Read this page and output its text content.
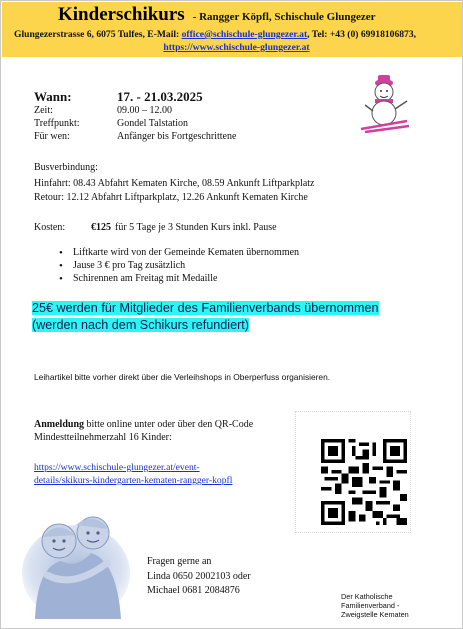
Kinderschikurs - Rangger Köpfl, Schischule Glungezer
Glungezerstrasse 6, 6075 Tulfes, E-Mail: office@schischule-glungezer.at, Tel: +43 (0) 69918106873,
https://www.schischule-glungezer.at
Wann:	17. - 21.03.2025
Zeit:	09.00 – 12.00
Treffpunkt:	Gondel Talstation
Für wen:	Anfänger bis Fortgeschrittene
Busverbindung:
Hinfahrt: 08.43 Abfahrt Kematen Kirche, 08.59 Ankunft Liftparkplatz
Retour: 12.12 Abfahrt Liftparkplatz, 12.26 Ankunft Kematen Kirche
Kosten:	€125 für 5 Tage je 3 Stunden Kurs inkl. Pause
• Liftkarte wird von der Gemeinde Kematen übernommen
• Jause 3 € pro Tag zusätzlich
• Schirennen am Freitag mit Medaille
25€ werden für Mitglieder des Familienverbands übernommen
(werden nach dem Schikurs refundiert)
Leihartikel bitte vorher direkt über die Verleihshops in Oberperfuss organisieren.
Anmeldung bitte online unter oder über den QR-Code
Mindestteilnehmerzahl 16 Kinder:
https://www.schischule-glungezer.at/event-
details/skikurs-kindergarten-kematen-rangger-kopfl
Fragen gerne an
Linda 0650 2002103 oder
Michael 0681 2084876
Der Katholische
Familienverband -
Zweigstelle Kematen
